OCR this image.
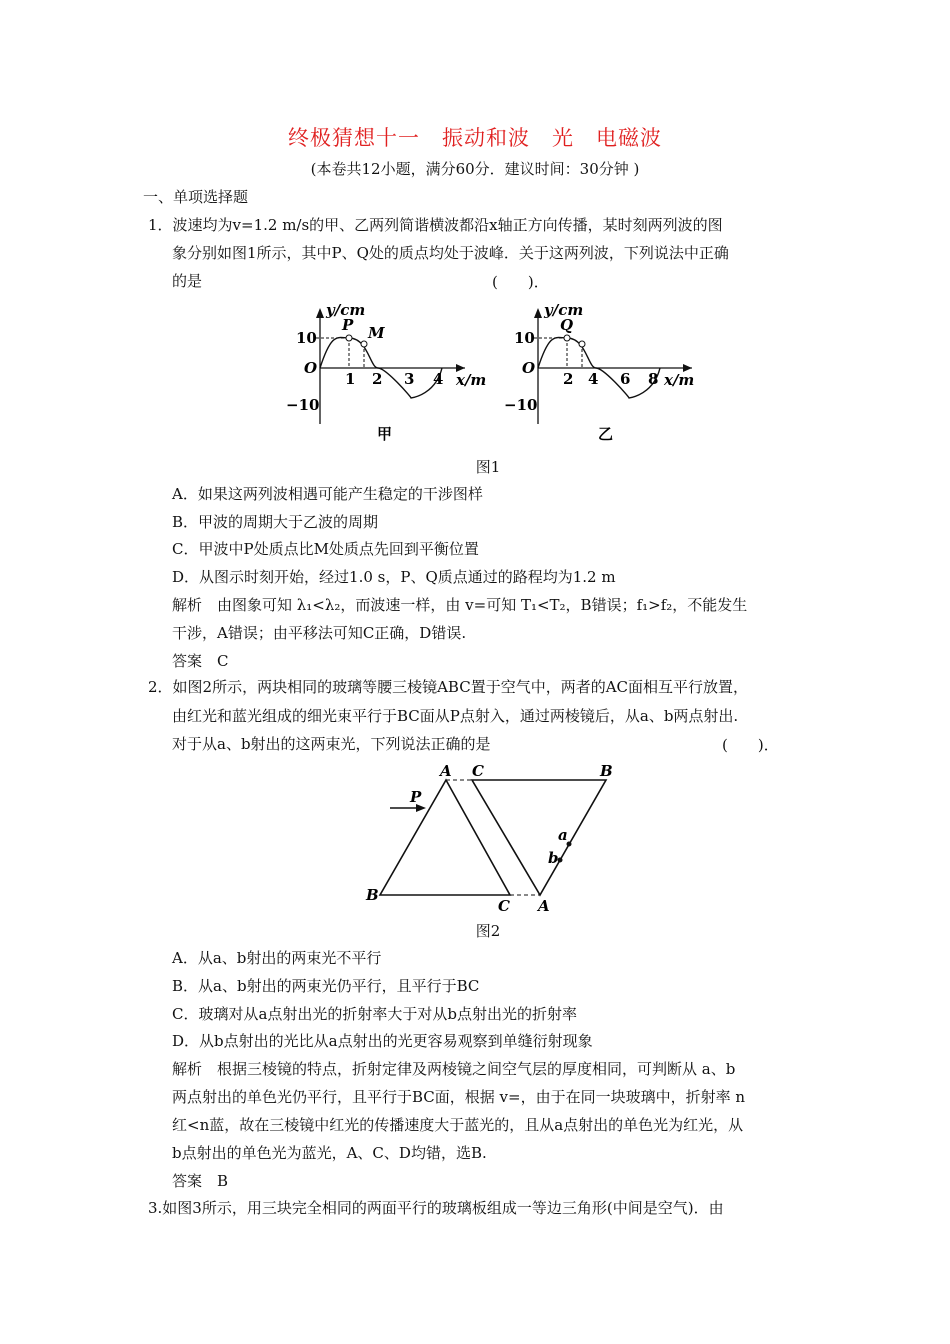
终极猜想十一　振动和波　光　电磁波
(本卷共12小题，满分60分．建议时间：30分钟 )
一、单项选择题
1．波速均为v=1.2 m/s的甲、乙两列简谐横波都沿x轴正方向传播，某时刻两列波的图
象分别如图1所示，其中P、Q处的质点均处于波峰．关于这两列波，下列说法中正确
的是	(　　)．
y/cm
x/m
10
−10
O
1 2 3 4
P M
甲
y/cm
x/m
10
−10
O
2 4 6 8
Q
乙
图1
A．如果这两列波相遇可能产生稳定的干涉图样
B．甲波的周期大于乙波的周期
C．甲波中P处质点比M处质点先回到平衡位置
D．从图示时刻开始，经过1.0 s，P、Q质点通过的路程均为1.2 m
解析　由图象可知 λ₁<λ₂，而波速一样，由 v=可知 T₁<T₂，B错误；f₁>f₂，不能发生
干涉，A错误；由平移法可知C正确，D错误.
答案　C
2．如图2所示，两块相同的玻璃等腰三棱镜ABC置于空气中，两者的AC面相互平行放置，
由红光和蓝光组成的细光束平行于BC面从P点射入，通过两棱镜后，从a、b两点射出.
对于从a、b射出的这两束光，下列说法正确的是	(　　)．
A C	B
P
B
C A
a
b
图2
A．从a、b射出的两束光不平行
B．从a、b射出的两束光仍平行，且平行于BC
C．玻璃对从a点射出光的折射率大于对从b点射出光的折射率
D．从b点射出的光比从a点射出的光更容易观察到单缝衍射现象
解析　根据三棱镜的特点，折射定律及两棱镜之间空气层的厚度相同，可判断从 a、b
两点射出的单色光仍平行，且平行于BC面，根据 v=，由于在同一块玻璃中，折射率 n
红<n蓝，故在三棱镜中红光的传播速度大于蓝光的，且从a点射出的单色光为红光，从
b点射出的单色光为蓝光，A、C、D均错，选B.
答案　B
3.如图3所示，用三块完全相同的两面平行的玻璃板组成一等边三角形(中间是空气)．由
